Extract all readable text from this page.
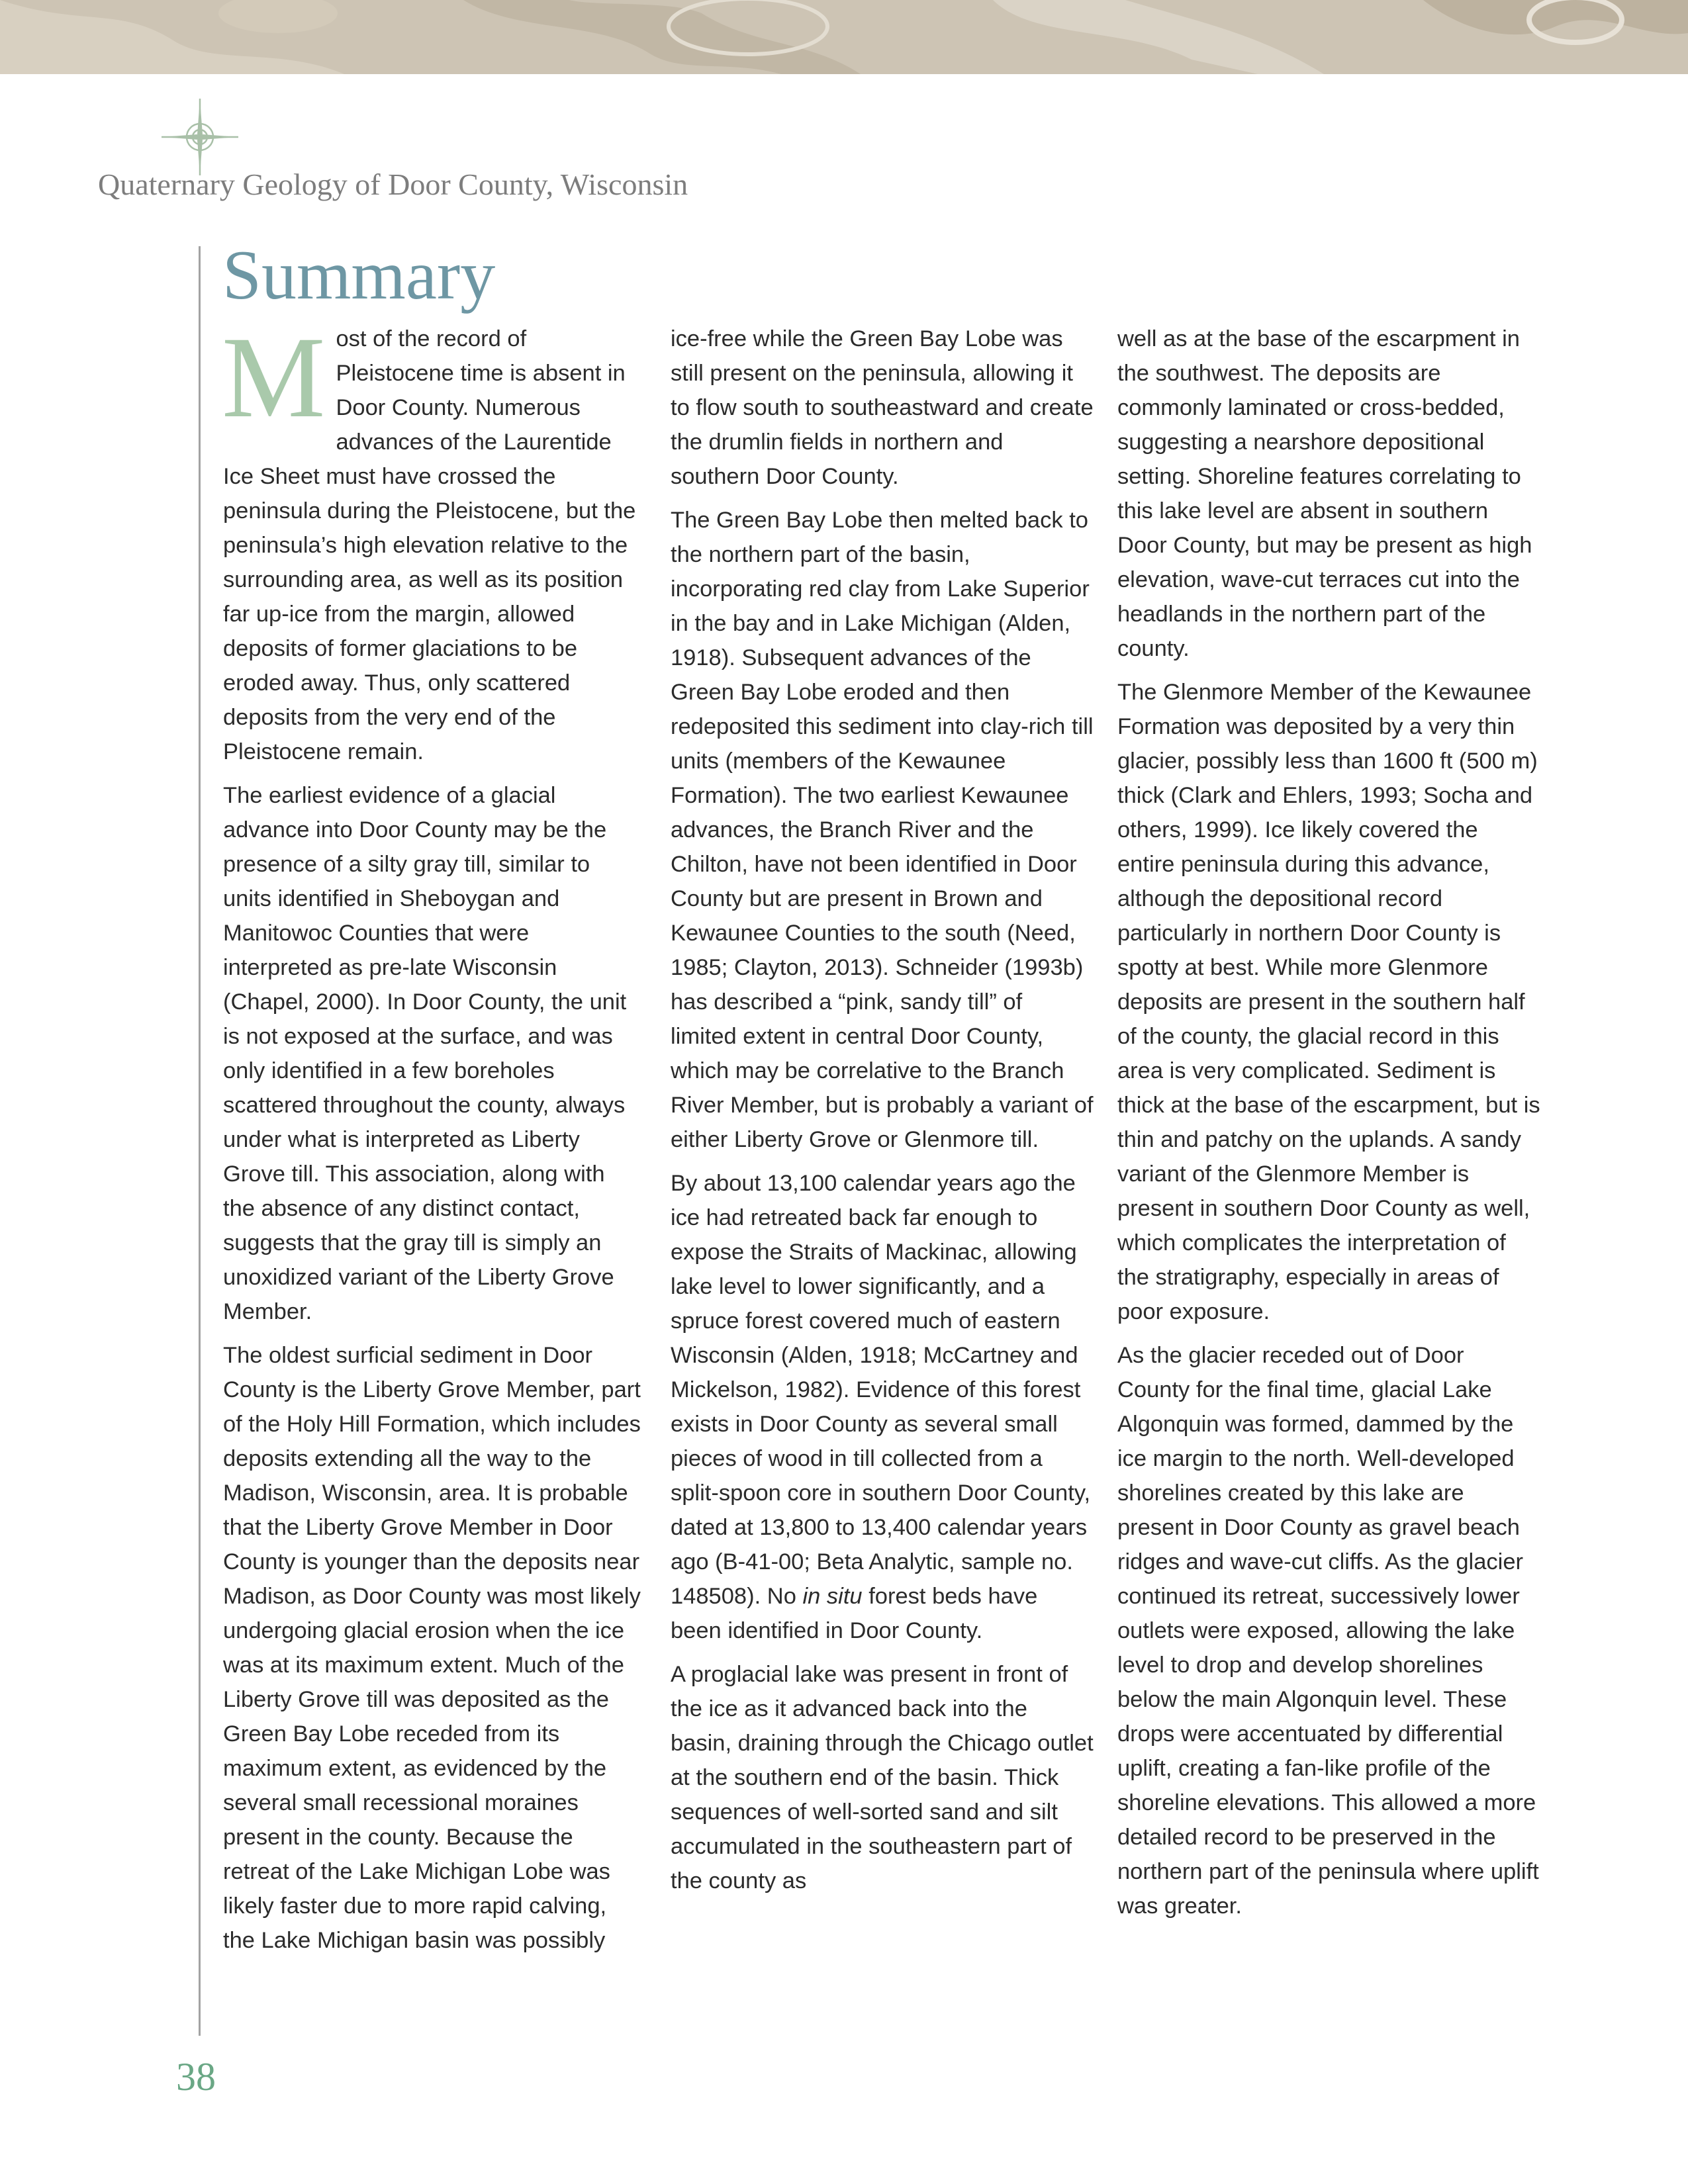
Quaternary Geology of Door County, Wisconsin
Summary

Most of the record of Pleistocene time is absent in Door County. Numerous advances of the Laurentide Ice Sheet must have crossed the peninsula during the Pleistocene, but the peninsula’s high elevation relative to the surrounding area, as well as its position far up-ice from the margin, allowed deposits of former glaciations to be eroded away. Thus, only scattered deposits from the very end of the Pleistocene remain.

The earliest evidence of a glacial advance into Door County may be the presence of a silty gray till, similar to units identified in Sheboygan and Manitowoc Counties that were interpreted as pre-late Wisconsin (Chapel, 2000). In Door County, the unit is not exposed at the surface, and was only identified in a few boreholes scattered throughout the county, always under what is interpreted as Liberty Grove till. This association, along with the absence of any distinct contact, suggests that the gray till is simply an unoxidized variant of the Liberty Grove Member.

The oldest surficial sediment in Door County is the Liberty Grove Member, part of the Holy Hill Formation, which includes deposits extending all the way to the Madison, Wisconsin, area. It is probable that the Liberty Grove Member in Door County is younger than the deposits near Madison, as Door County was most likely undergoing glacial erosion when the ice was at its maximum extent. Much of the Liberty Grove till was deposited as the Green Bay Lobe receded from its maximum extent, as evidenced by the several small recessional moraines present in the county. Because the retreat of the Lake Michigan Lobe was likely faster due to more rapid calving, the Lake Michigan basin was possibly

ice-free while the Green Bay Lobe was still present on the peninsula, allowing it to flow south to southeastward and create the drumlin fields in northern and southern Door County.

The Green Bay Lobe then melted back to the northern part of the basin, incorporating red clay from Lake Superior in the bay and in Lake Michigan (Alden, 1918). Subsequent advances of the Green Bay Lobe eroded and then redeposited this sediment into clay-rich till units (members of the Kewaunee Formation). The two earliest Kewaunee advances, the Branch River and the Chilton, have not been identified in Door County but are present in Brown and Kewaunee Counties to the south (Need, 1985; Clayton, 2013). Schneider (1993b) has described a “pink, sandy till” of limited extent in central Door County, which may be correlative to the Branch River Member, but is probably a variant of either Liberty Grove or Glenmore till.

By about 13,100 calendar years ago the ice had retreated back far enough to expose the Straits of Mackinac, allowing lake level to lower significantly, and a spruce forest covered much of eastern Wisconsin (Alden, 1918; McCartney and Mickelson, 1982). Evidence of this forest exists in Door County as several small pieces of wood in till collected from a split-spoon core in southern Door County, dated at 13,800 to 13,400 calendar years ago (B-41-00; Beta Analytic, sample no. 148508). No in situ forest beds have been identified in Door County.

A proglacial lake was present in front of the ice as it advanced back into the basin, draining through the Chicago outlet at the southern end of the basin. Thick sequences of well-sorted sand and silt accumulated in the southeastern part of the county as

well as at the base of the escarpment in the southwest. The deposits are commonly laminated or cross-bedded, suggesting a nearshore depositional setting. Shoreline features correlating to this lake level are absent in southern Door County, but may be present as high elevation, wave-cut terraces cut into the headlands in the northern part of the county.

The Glenmore Member of the Kewaunee Formation was deposited by a very thin glacier, possibly less than 1600 ft (500 m) thick (Clark and Ehlers, 1993; Socha and others, 1999). Ice likely covered the entire peninsula during this advance, although the depositional record particularly in northern Door County is spotty at best. While more Glenmore deposits are present in the southern half of the county, the glacial record in this area is very complicated. Sediment is thick at the base of the escarpment, but is thin and patchy on the uplands. A sandy variant of the Glenmore Member is present in southern Door County as well, which complicates the interpretation of the stratigraphy, especially in areas of poor exposure.

As the glacier receded out of Door County for the final time, glacial Lake Algonquin was formed, dammed by the ice margin to the north. Well-developed shorelines created by this lake are present in Door County as gravel beach ridges and wave-cut cliffs. As the glacier continued its retreat, successively lower outlets were exposed, allowing the lake level to drop and develop shorelines below the main Algonquin level. These drops were accentuated by differential uplift, creating a fan-like profile of the shoreline elevations. This allowed a more detailed record to be preserved in the northern part of the peninsula where uplift was greater.

38
